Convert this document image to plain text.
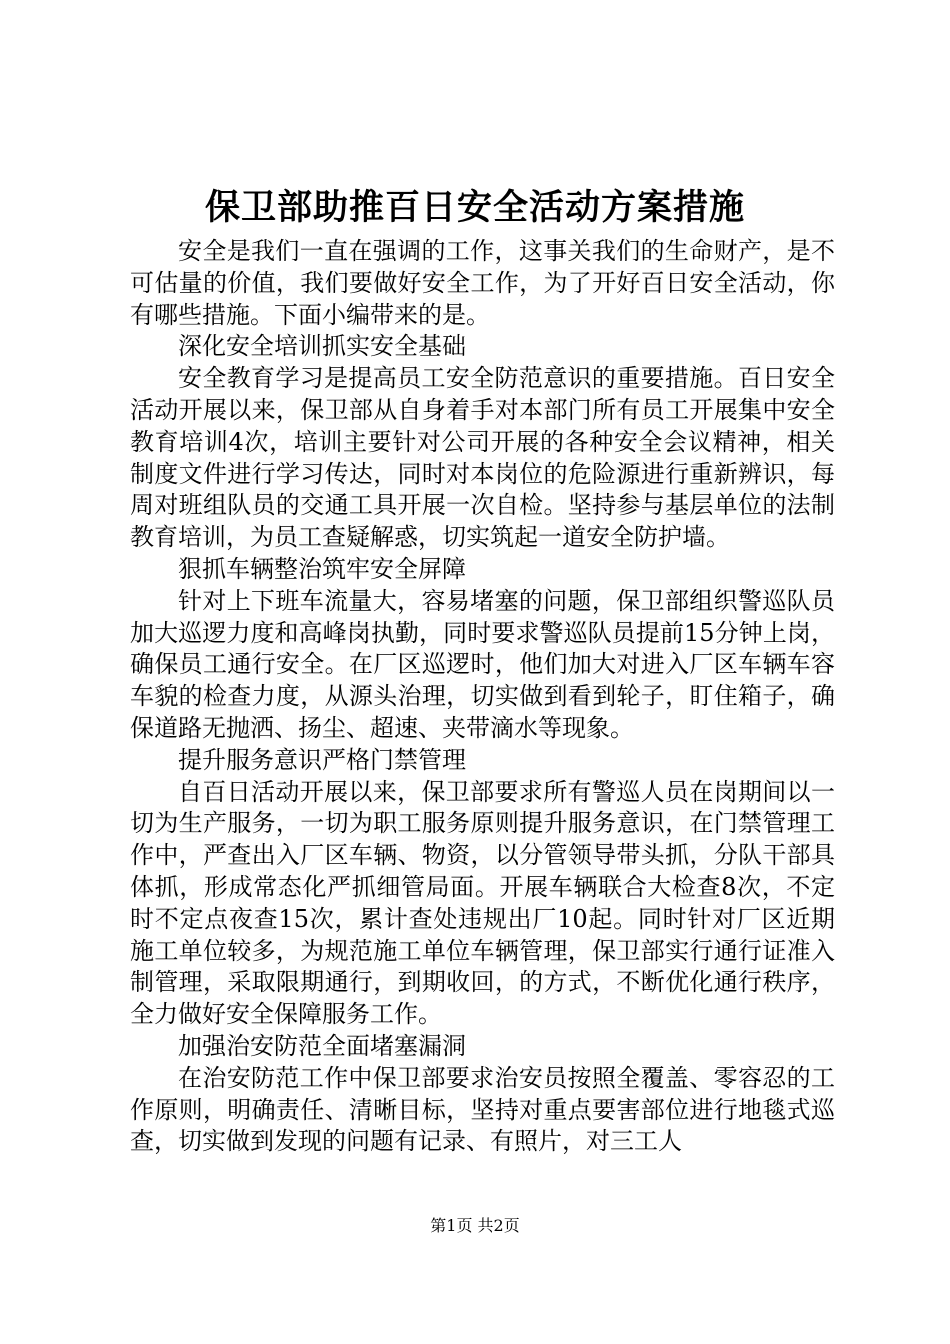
保卫部助推百日安全活动方案措施

安全是我们一直在强调的工作，这事关我们的生命财产，是不可估量的价值，我们要做好安全工作，为了开好百日安全活动，你有哪些措施。下面小编带来的是。

深化安全培训抓实安全基础

安全教育学习是提高员工安全防范意识的重要措施。百日安全活动开展以来，保卫部从自身着手对本部门所有员工开展集中安全教育培训4次，培训主要针对公司开展的各种安全会议精神，相关制度文件进行学习传达，同时对本岗位的危险源进行重新辨识，每周对班组队员的交通工具开展一次自检。坚持参与基层单位的法制教育培训，为员工查疑解惑，切实筑起一道安全防护墙。

狠抓车辆整治筑牢安全屏障

针对上下班车流量大，容易堵塞的问题，保卫部组织警巡队员加大巡逻力度和高峰岗执勤，同时要求警巡队员提前15分钟上岗，确保员工通行安全。在厂区巡逻时，他们加大对进入厂区车辆车容车貌的检查力度，从源头治理，切实做到看到轮子，盯住箱子，确保道路无抛洒、扬尘、超速、夹带滴水等现象。

提升服务意识严格门禁管理

自百日活动开展以来，保卫部要求所有警巡人员在岗期间以一切为生产服务，一切为职工服务原则提升服务意识，在门禁管理工作中，严查出入厂区车辆、物资，以分管领导带头抓，分队干部具体抓，形成常态化严抓细管局面。开展车辆联合大检查8次，不定时不定点夜查15次，累计查处违规出厂10起。同时针对厂区近期施工单位较多，为规范施工单位车辆管理，保卫部实行通行证准入制管理，采取限期通行，到期收回，的方式，不断优化通行秩序，全力做好安全保障服务工作。

加强治安防范全面堵塞漏洞

在治安防范工作中保卫部要求治安员按照全覆盖、零容忍的工作原则，明确责任、清晰目标，坚持对重点要害部位进行地毯式巡查，切实做到发现的问题有记录、有照片，对三工人

第1页 共2页
